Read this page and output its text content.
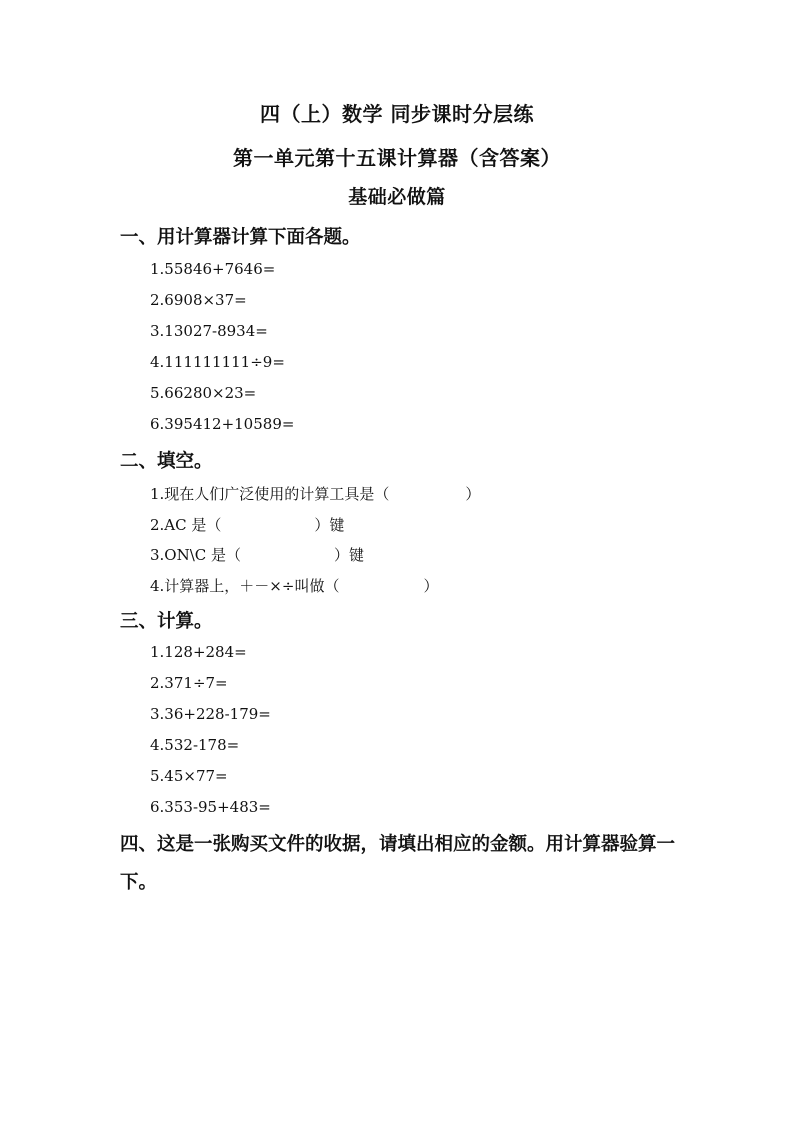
四（上）数学 同步课时分层练
第一单元第十五课计算器（含答案）
基础必做篇
一、用计算器计算下面各题。
1.55846+7646=
2.6908×37=
3.13027-8934=
4.111111111÷9=
5.66280×23=
6.395412+10589=
二、填空。
1.现在人们广泛使用的计算工具是（	）
2.AC 是（	）键
3.ON\C 是（	）键
4.计算器上，＋－×÷叫做（	）
三、计算。
1.128+284=
2.371÷7=
3.36+228-179=
4.532-178=
5.45×77=
6.353-95+483=
四、这是一张购买文件的收据，请填出相应的金额。用计算器验算一
下。
